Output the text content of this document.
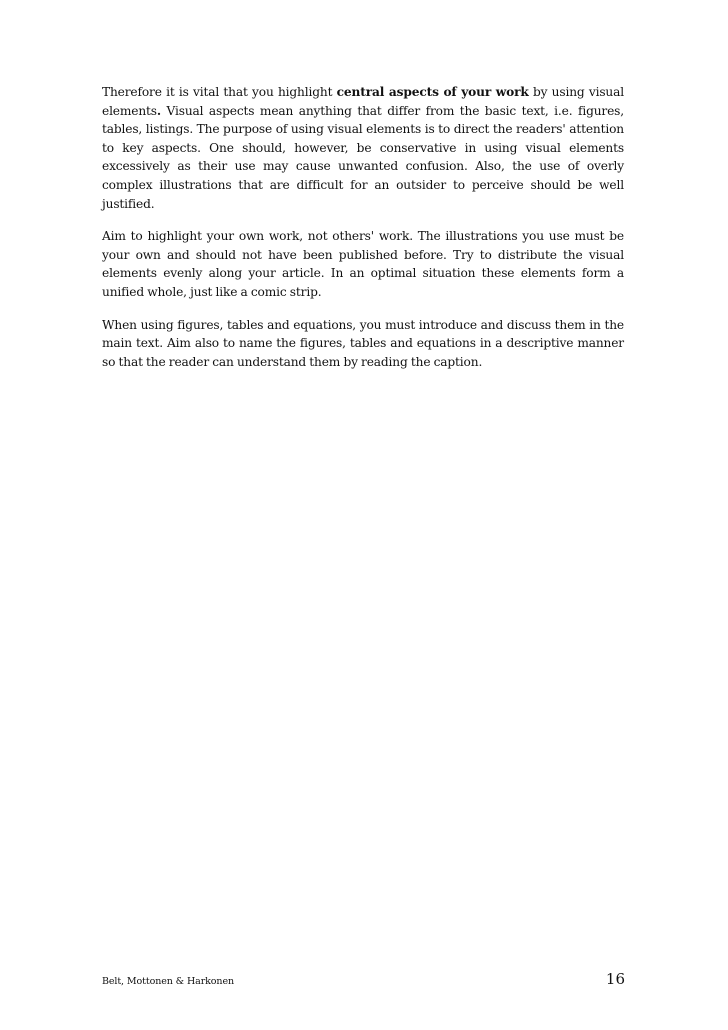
Therefore it is vital that you highlight central aspects of your work by using visual elements. Visual aspects mean anything that differ from the basic text, i.e. figures, tables, listings. The purpose of using visual elements is to direct the readers' attention to key aspects. One should, however, be conservative in using visual elements excessively as their use may cause unwanted confusion. Also, the use of overly complex illustrations that are difficult for an outsider to perceive should be well justified.

Aim to highlight your own work, not others' work. The illustrations you use must be your own and should not have been published before. Try to distribute the visual elements evenly along your article. In an optimal situation these elements form a unified whole, just like a comic strip.

When using figures, tables and equations, you must introduce and discuss them in the main text. Aim also to name the figures, tables and equations in a descriptive manner so that the reader can understand them by reading the caption.

Belt, Mottonen & Harkonen	16
